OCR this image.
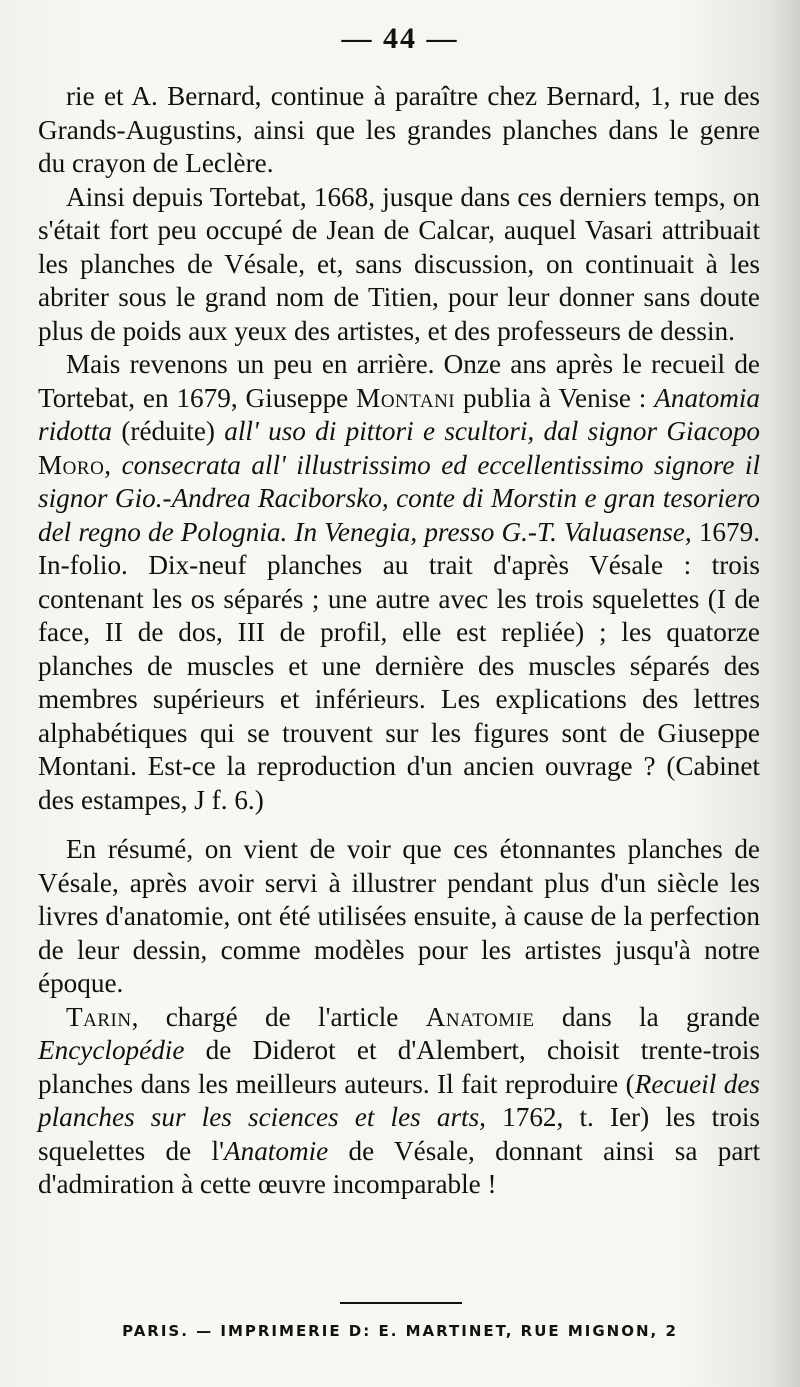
— 44 —

rie et A. Bernard, continue à paraître chez Bernard, 1, rue des Grands-Augustins, ainsi que les grandes planches dans le genre du crayon de Leclère.

Ainsi depuis Tortebat, 1668, jusque dans ces derniers temps, on s'était fort peu occupé de Jean de Calcar, auquel Vasari attribuait les planches de Vésale, et, sans discussion, on continuait à les abriter sous le grand nom de Titien, pour leur donner sans doute plus de poids aux yeux des artistes, et des professeurs de dessin.

Mais revenons un peu en arrière. Onze ans après le recueil de Tortebat, en 1679, Giuseppe Montani publia à Venise : Anatomia ridotta (réduite) all' uso di pittori e scultori, dal signor Giacopo Moro, consecrata all' illustrissimo ed eccellentissimo signore il signor Gio.-Andrea Raciborsko, conte di Morstin e gran tesoriero del regno de Polognia. In Venegia, presso G.-T. Valuasense, 1679. In-folio. Dix-neuf planches au trait d'après Vésale : trois contenant les os séparés ; une autre avec les trois squelettes (I de face, II de dos, III de profil, elle est repliée) ; les quatorze planches de muscles et une dernière des muscles séparés des membres supérieurs et inférieurs. Les explications des lettres alphabétiques qui se trouvent sur les figures sont de Giuseppe Montani. Est-ce la reproduction d'un ancien ouvrage ? (Cabinet des estampes, J f. 6.)

En résumé, on vient de voir que ces étonnantes planches de Vésale, après avoir servi à illustrer pendant plus d'un siècle les livres d'anatomie, ont été utilisées ensuite, à cause de la perfection de leur dessin, comme modèles pour les artistes jusqu'à notre époque.

Tarin, chargé de l'article Anatomie dans la grande Encyclopédie de Diderot et d'Alembert, choisit trente-trois planches dans les meilleurs auteurs. Il fait reproduire (Recueil des planches sur les sciences et les arts, 1762, t. Ier) les trois squelettes de l'Anatomie de Vésale, donnant ainsi sa part d'admiration à cette œuvre incomparable !

PARIS. — IMPRIMERIE D: E. MARTINET, RUE MIGNON, 2
